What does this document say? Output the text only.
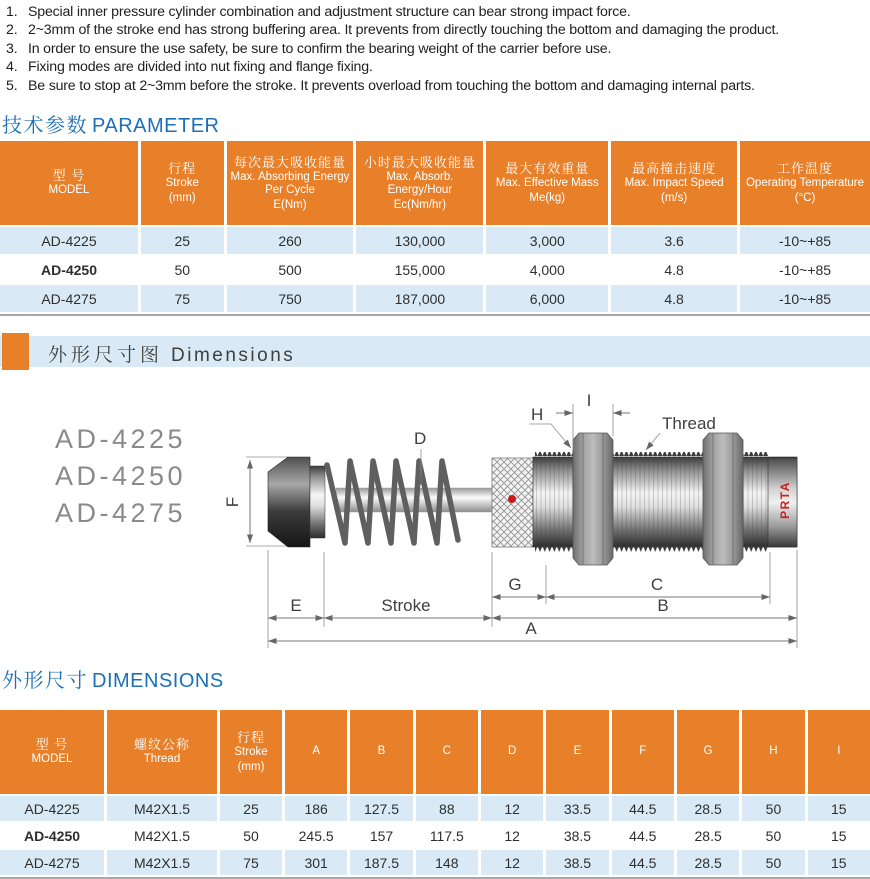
1. Special inner pressure cylinder combination and adjustment structure can bear strong impact force.
2. 2~3mm of the stroke end has strong buffering area. It prevents from directly touching the bottom and damaging the product.
3. In order to ensure the use safety, be sure to confirm the bearing weight of the carrier before use.
4. Fixing modes are divided into nut fixing and flange fixing.
5. Be sure to stop at 2~3mm before the stroke. It prevents overload from touching the bottom and damaging internal parts.
技术参数 PARAMETER
型 号
MODEL

行程
Stroke
(mm)

每次最大吸收能量
Max. Absorbing Energy Per Cycle
E(Nm)

小时最大吸收能量
Max. Absorb. Energy/Hour
Ec(Nm/hr)

最大有效重量
Max. Effective Mass
Me(kg)

最高撞击速度
Max. Impact Speed
(m/s)

工作温度
Operating Temperature
(°C)

AD-4225	25	260	130,000	3,000	3.6	-10~+85
AD-4250	50	500	155,000	4,000	4.8	-10~+85
AD-4275	75	750	187,000	6,000	4.8	-10~+85
外形尺寸图 Dimensions
AD-4225
AD-4250
AD-4275 F	PRTA
D
H
I
Thread
G	C
E	Stroke	B
A
外形尺寸 DIMENSIONS
型 号
MODEL

螺纹公称
Thread

行程
Stroke
(mm)

A	B	C	D	E	F	G	H	I

AD-4225	M42X1.5	25	186	127.5	88	12	33.5	44.5	28.5	50	15
AD-4250	M42X1.5	50	245.5	157	117.5	12	38.5	44.5	28.5	50	15
AD-4275	M42X1.5	75	301	187.5	148	12	38.5	44.5	28.5	50	15
